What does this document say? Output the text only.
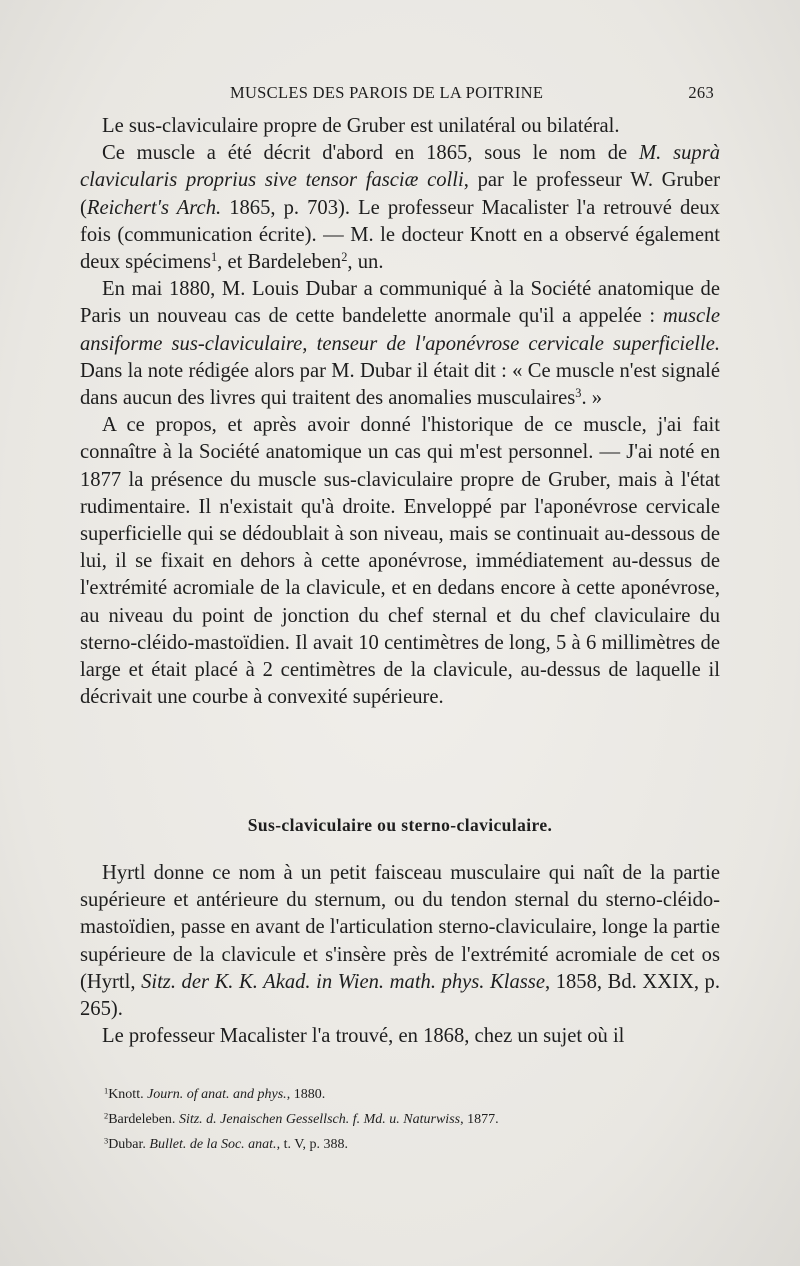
MUSCLES DES PAROIS DE LA POITRINE	263

Le sus-claviculaire propre de Gruber est unilatéral ou bilatéral.

Ce muscle a été décrit d'abord en 1865, sous le nom de M. suprà clavicularis proprius sive tensor fasciæ colli, par le professeur W. Gruber (Reichert's Arch. 1865, p. 703). Le professeur Macalister l'a retrouvé deux fois (communication écrite). — M. le docteur Knott en a observé également deux spécimens$^1$, et Bardeleben$^2$, un.

En mai 1880, M. Louis Dubar a communiqué à la Société anatomique de Paris un nouveau cas de cette bandelette anormale qu'il a appelée : muscle ansiforme sus-claviculaire, tenseur de l'aponévrose cervicale superficielle. Dans la note rédigée alors par M. Dubar il était dit : « Ce muscle n'est signalé dans aucun des livres qui traitent des anomalies musculaires$^3$. »

A ce propos, et après avoir donné l'historique de ce muscle, j'ai fait connaître à la Société anatomique un cas qui m'est personnel. — J'ai noté en 1877 la présence du muscle sus-claviculaire propre de Gruber, mais à l'état rudimentaire. Il n'existait qu'à droite. Enveloppé par l'aponévrose cervicale superficielle qui se dédoublait à son niveau, mais se continuait au-dessous de lui, il se fixait en dehors à cette aponévrose, immédiatement au-dessus de l'extrémité acromiale de la clavicule, et en dedans encore à cette aponévrose, au niveau du point de jonction du chef sternal et du chef claviculaire du sterno-cléido-mastoïdien. Il avait 10 centimètres de long, 5 à 6 millimètres de large et était placé à 2 centimètres de la clavicule, au-dessus de laquelle il décrivait une courbe à convexité supérieure.

Sus-claviculaire ou sterno-claviculaire.

Hyrtl donne ce nom à un petit faisceau musculaire qui naît de la partie supérieure et antérieure du sternum, ou du tendon sternal du sterno-cléido-mastoïdien, passe en avant de l'articulation sterno-claviculaire, longe la partie supérieure de la clavicule et s'insère près de l'extrémité acromiale de cet os (Hyrtl, Sitz. der K. K. Akad. in Wien. math. phys. Klasse, 1858, Bd. XXIX, p. 265).

Le professeur Macalister l'a trouvé, en 1868, chez un sujet où il

$^1$Knott. Journ. of anat. and phys., 1880.
$^2$Bardeleben. Sitz. d. Jenaischen Gessellsch. f. Md. u. Naturwiss, 1877.
$^3$Dubar. Bullet. de la Soc. anat., t. V, p. 388.
